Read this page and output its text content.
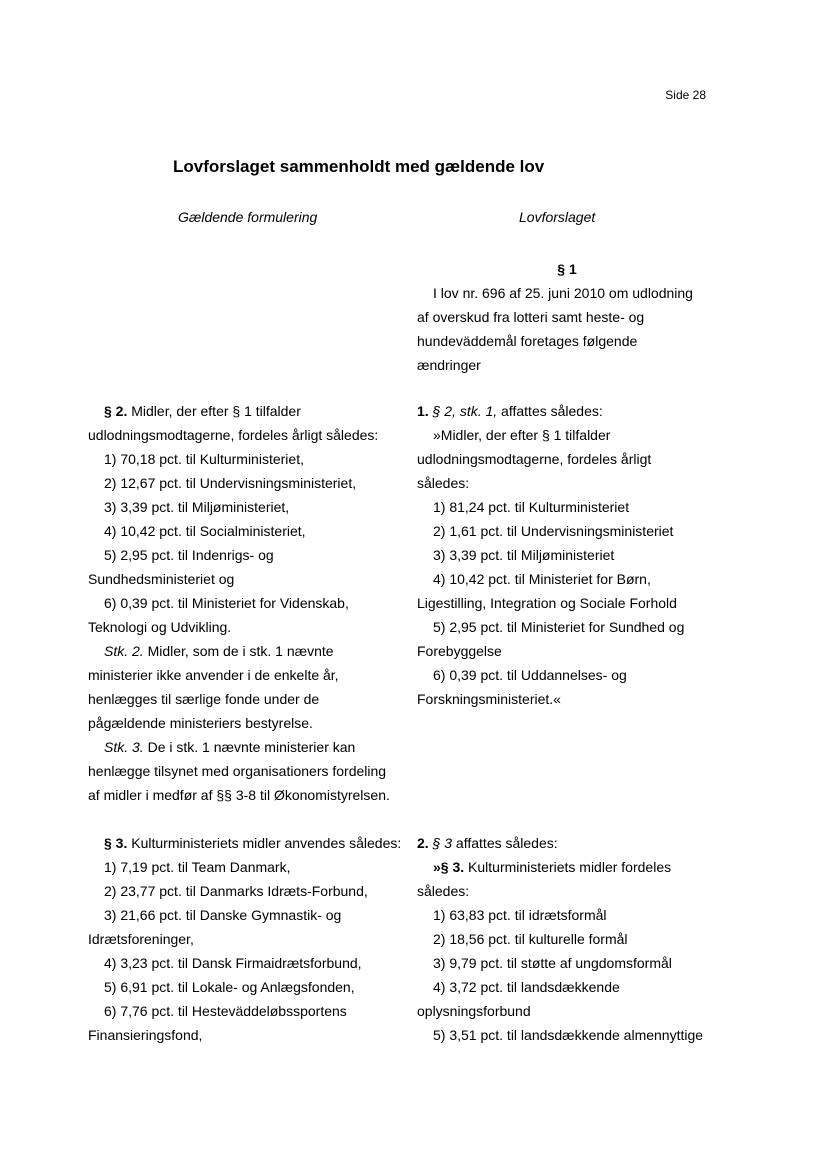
Side 28
Lovforslaget sammenholdt med gældende lov
Gældende formulering	Lovforslaget
§ 1
I lov nr. 696 af 25. juni 2010 om udlodning
af overskud fra lotteri samt heste- og
hundeväddemål foretages følgende
ændringer
§ 2. Midler, der efter § 1 tilfalder
udlodningsmodtagerne, fordeles årligt således:
1) 70,18 pct. til Kulturministeriet,
2) 12,67 pct. til Undervisningsministeriet,
3) 3,39 pct. til Miljøministeriet,
4) 10,42 pct. til Socialministeriet,
5) 2,95 pct. til Indenrigs- og
Sundhedsministeriet og
6) 0,39 pct. til Ministeriet for Videnskab,
Teknologi og Udvikling.
Stk. 2. Midler, som de i stk. 1 nævnte
ministerier ikke anvender i de enkelte år,
henlægges til særlige fonde under de
pågældende ministeriers bestyrelse.
Stk. 3. De i stk. 1 nævnte ministerier kan
henlægge tilsynet med organisationers fordeling
af midler i medfør af §§ 3-8 til Økonomistyrelsen.
1. § 2, stk. 1, affattes således:
»Midler, der efter § 1 tilfalder
udlodningsmodtagerne, fordeles årligt
således:
1) 81,24 pct. til Kulturministeriet
2) 1,61 pct. til Undervisningsministeriet
3) 3,39 pct. til Miljøministeriet
4) 10,42 pct. til Ministeriet for Børn,
Ligestilling, Integration og Sociale Forhold
5) 2,95 pct. til Ministeriet for Sundhed og
Forebyggelse
6) 0,39 pct. til Uddannelses- og
Forskningsministeriet.«
§ 3. Kulturministeriets midler anvendes således:
1) 7,19 pct. til Team Danmark,
2) 23,77 pct. til Danmarks Idræts-Forbund,
3) 21,66 pct. til Danske Gymnastik- og
Idrætsforeninger,
4) 3,23 pct. til Dansk Firmaidrætsforbund,
5) 6,91 pct. til Lokale- og Anlægsfonden,
6) 7,76 pct. til Hesteväddeløbssportens
Finansieringsfond,
2. § 3 affattes således:
»§ 3. Kulturministeriets midler fordeles
således:
1) 63,83 pct. til idrætsformål
2) 18,56 pct. til kulturelle formål
3) 9,79 pct. til støtte af ungdomsformål
4) 3,72 pct. til landsdækkende
oplysningsforbund
5) 3,51 pct. til landsdækkende almennyttige
